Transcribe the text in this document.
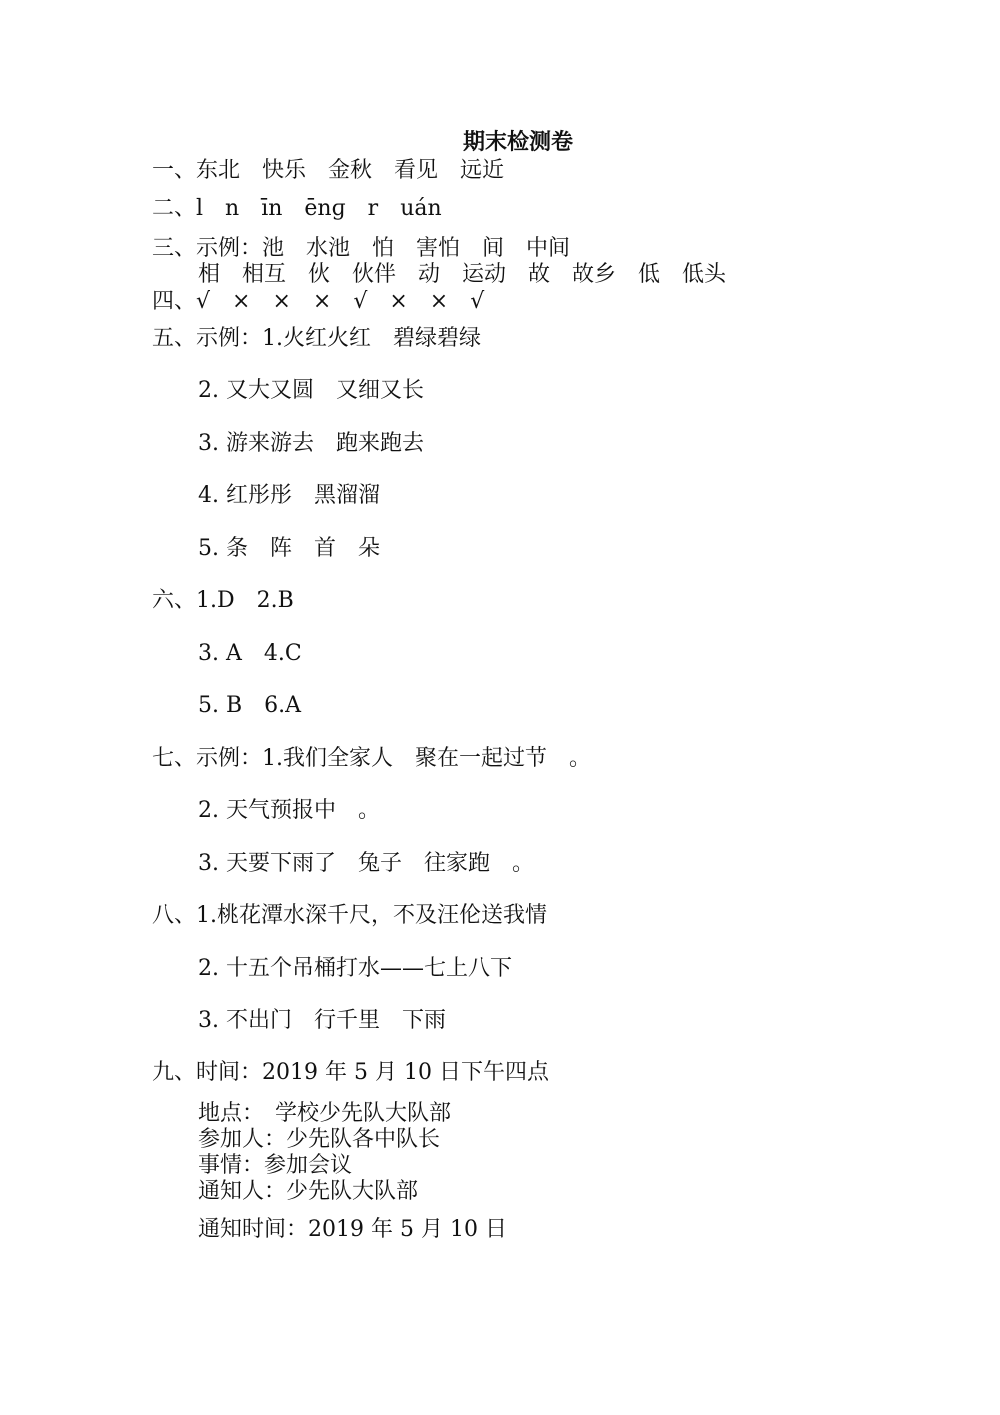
期末检测卷
一、东北　快乐　金秋　看见　远近
二、l　n　īn　ēnɡ　r　uán
三、示例：池　水池　怕　害怕　间　中间
相　相互　伙　伙伴　动　运动　故　故乡　低　低头
四、√　×　×　×　√　×　×　√
五、示例：1.火红火红　碧绿碧绿
2. 又大又圆　又细又长
3. 游来游去　跑来跑去
4. 红彤彤　黑溜溜
5. 条　阵　首　朵
六、1.D　2.B
3. A　4.C
5. B　6.A
七、示例：1.我们全家人　聚在一起过节　。
2. 天气预报中　。
3. 天要下雨了　兔子　往家跑　。
八、1.桃花潭水深千尺，不及汪伦送我情
2. 十五个吊桶打水——七上八下
3. 不出门　行千里　下雨
九、时间：2019 年 5 月 10 日下午四点
地点：　学校少先队大队部
参加人：少先队各中队长
事情：参加会议
通知人：少先队大队部
通知时间：2019 年 5 月 10 日
